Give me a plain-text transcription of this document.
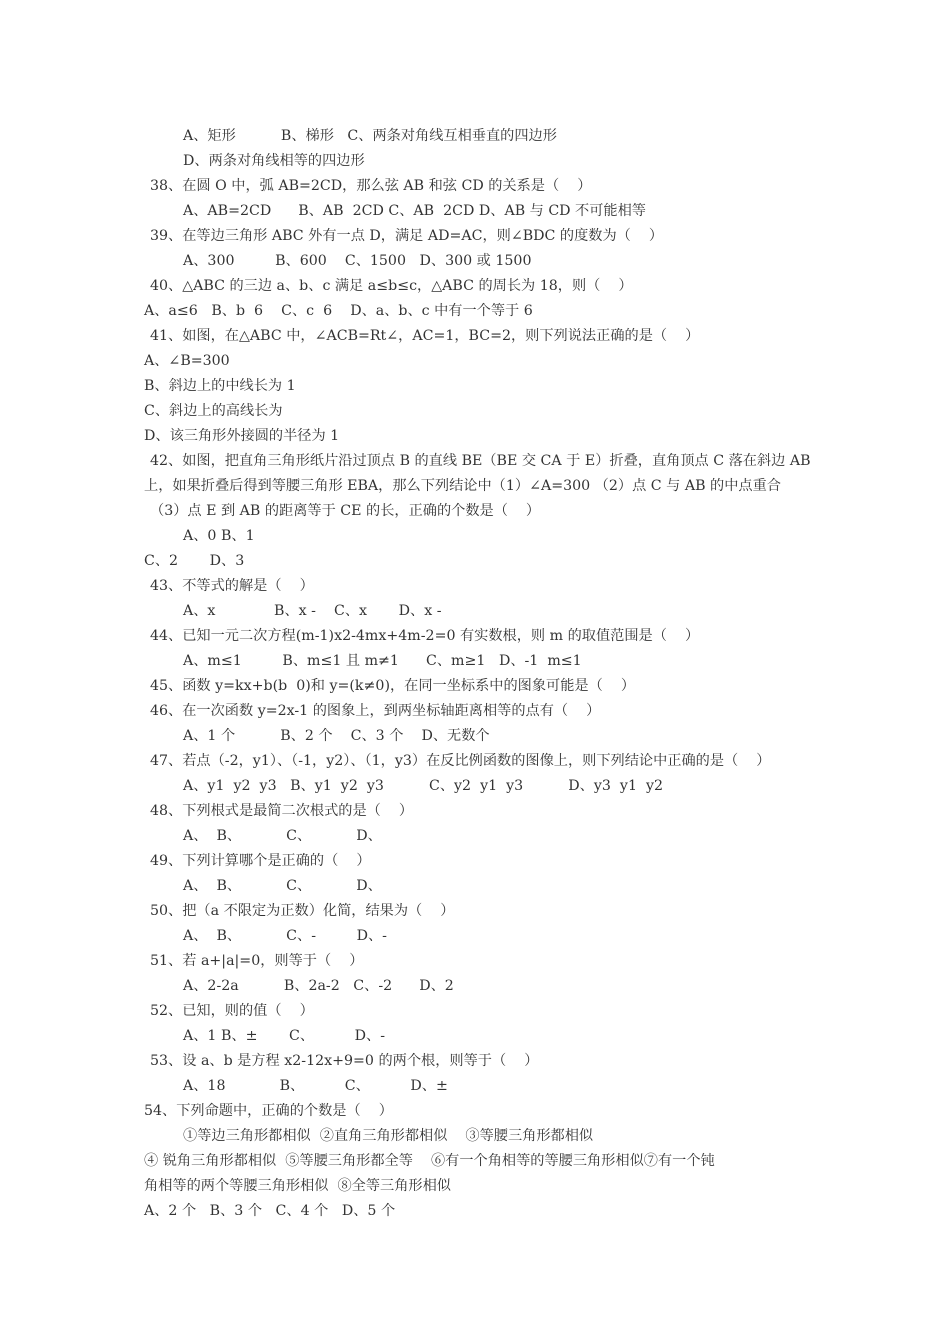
A、矩形          B、梯形   C、两条对角线互相垂直的四边形
D、两条对角线相等的四边形
38、在圆 O 中，弧 AB=2CD，那么弦 AB 和弦 CD 的关系是（    ）
A、AB=2CD      B、AB  2CD C、AB  2CD D、AB 与 CD 不可能相等
39、在等边三角形 ABC 外有一点 D，满足 AD=AC，则∠BDC 的度数为（    ）
A、300         B、600    C、1500   D、300 或 1500
40、△ABC 的三边 a、b、c 满足 a≤b≤c，△ABC 的周长为 18，则（    ）
A、a≤6   B、b  6    C、c  6    D、a、b、c 中有一个等于 6
41、如图，在△ABC 中，∠ACB=Rt∠，AC=1，BC=2，则下列说法正确的是（    ）
A、∠B=300
B、斜边上的中线长为 1
C、斜边上的高线长为
D、该三角形外接圆的半径为 1
42、如图，把直角三角形纸片沿过顶点 B 的直线 BE（BE 交 CA 于 E）折叠，直角顶点 C 落在斜边 AB
上，如果折叠后得到等腰三角形 EBA，那么下列结论中（1）∠A=300 （2）点 C 与 AB 的中点重合
（3）点 E 到 AB 的距离等于 CE 的长，正确的个数是（    ）
A、0 B、1
C、2       D、3
43、不等式的解是（    ）
A、x             B、x -    C、x       D、x -
44、已知一元二次方程(m-1)x2-4mx+4m-2=0 有实数根，则 m 的取值范围是（    ）
A、m≤1         B、m≤1 且 m≠1      C、m≥1   D、-1  m≤1
45、函数 y=kx+b(b  0)和 y=(k≠0)，在同一坐标系中的图象可能是（    ）
46、在一次函数 y=2x-1 的图象上，到两坐标轴距离相等的点有（    ）
A、1 个          B、2 个    C、3 个    D、无数个
47、若点（-2，y1）、（-1，y2）、（1，y3）在反比例函数的图像上，则下列结论中正确的是（    ）
A、y1  y2  y3   B、y1  y2  y3          C、y2  y1  y3          D、y3  y1  y2
48、下列根式是最简二次根式的是（    ）
A、  B、          C、          D、
49、下列计算哪个是正确的（    ）
A、  B、          C、          D、
50、把（a 不限定为正数）化简，结果为（    ）
A、  B、          C、-         D、-
51、若 a+|a|=0，则等于（    ）
A、2-2a          B、2a-2   C、-2      D、2
52、已知，则的值（    ）
A、1 B、±       C、         D、-
53、设 a、b 是方程 x2-12x+9=0 的两个根，则等于（    ）
A、18            B、         C、         D、±
54、下列命题中，正确的个数是（    ）
①等边三角形都相似  ②直角三角形都相似    ③等腰三角形都相似
④ 锐角三角形都相似  ⑤等腰三角形都全等    ⑥有一个角相等的等腰三角形相似⑦有一个钝
角相等的两个等腰三角形相似  ⑧全等三角形相似
A、2 个   B、3 个   C、4 个   D、5 个
